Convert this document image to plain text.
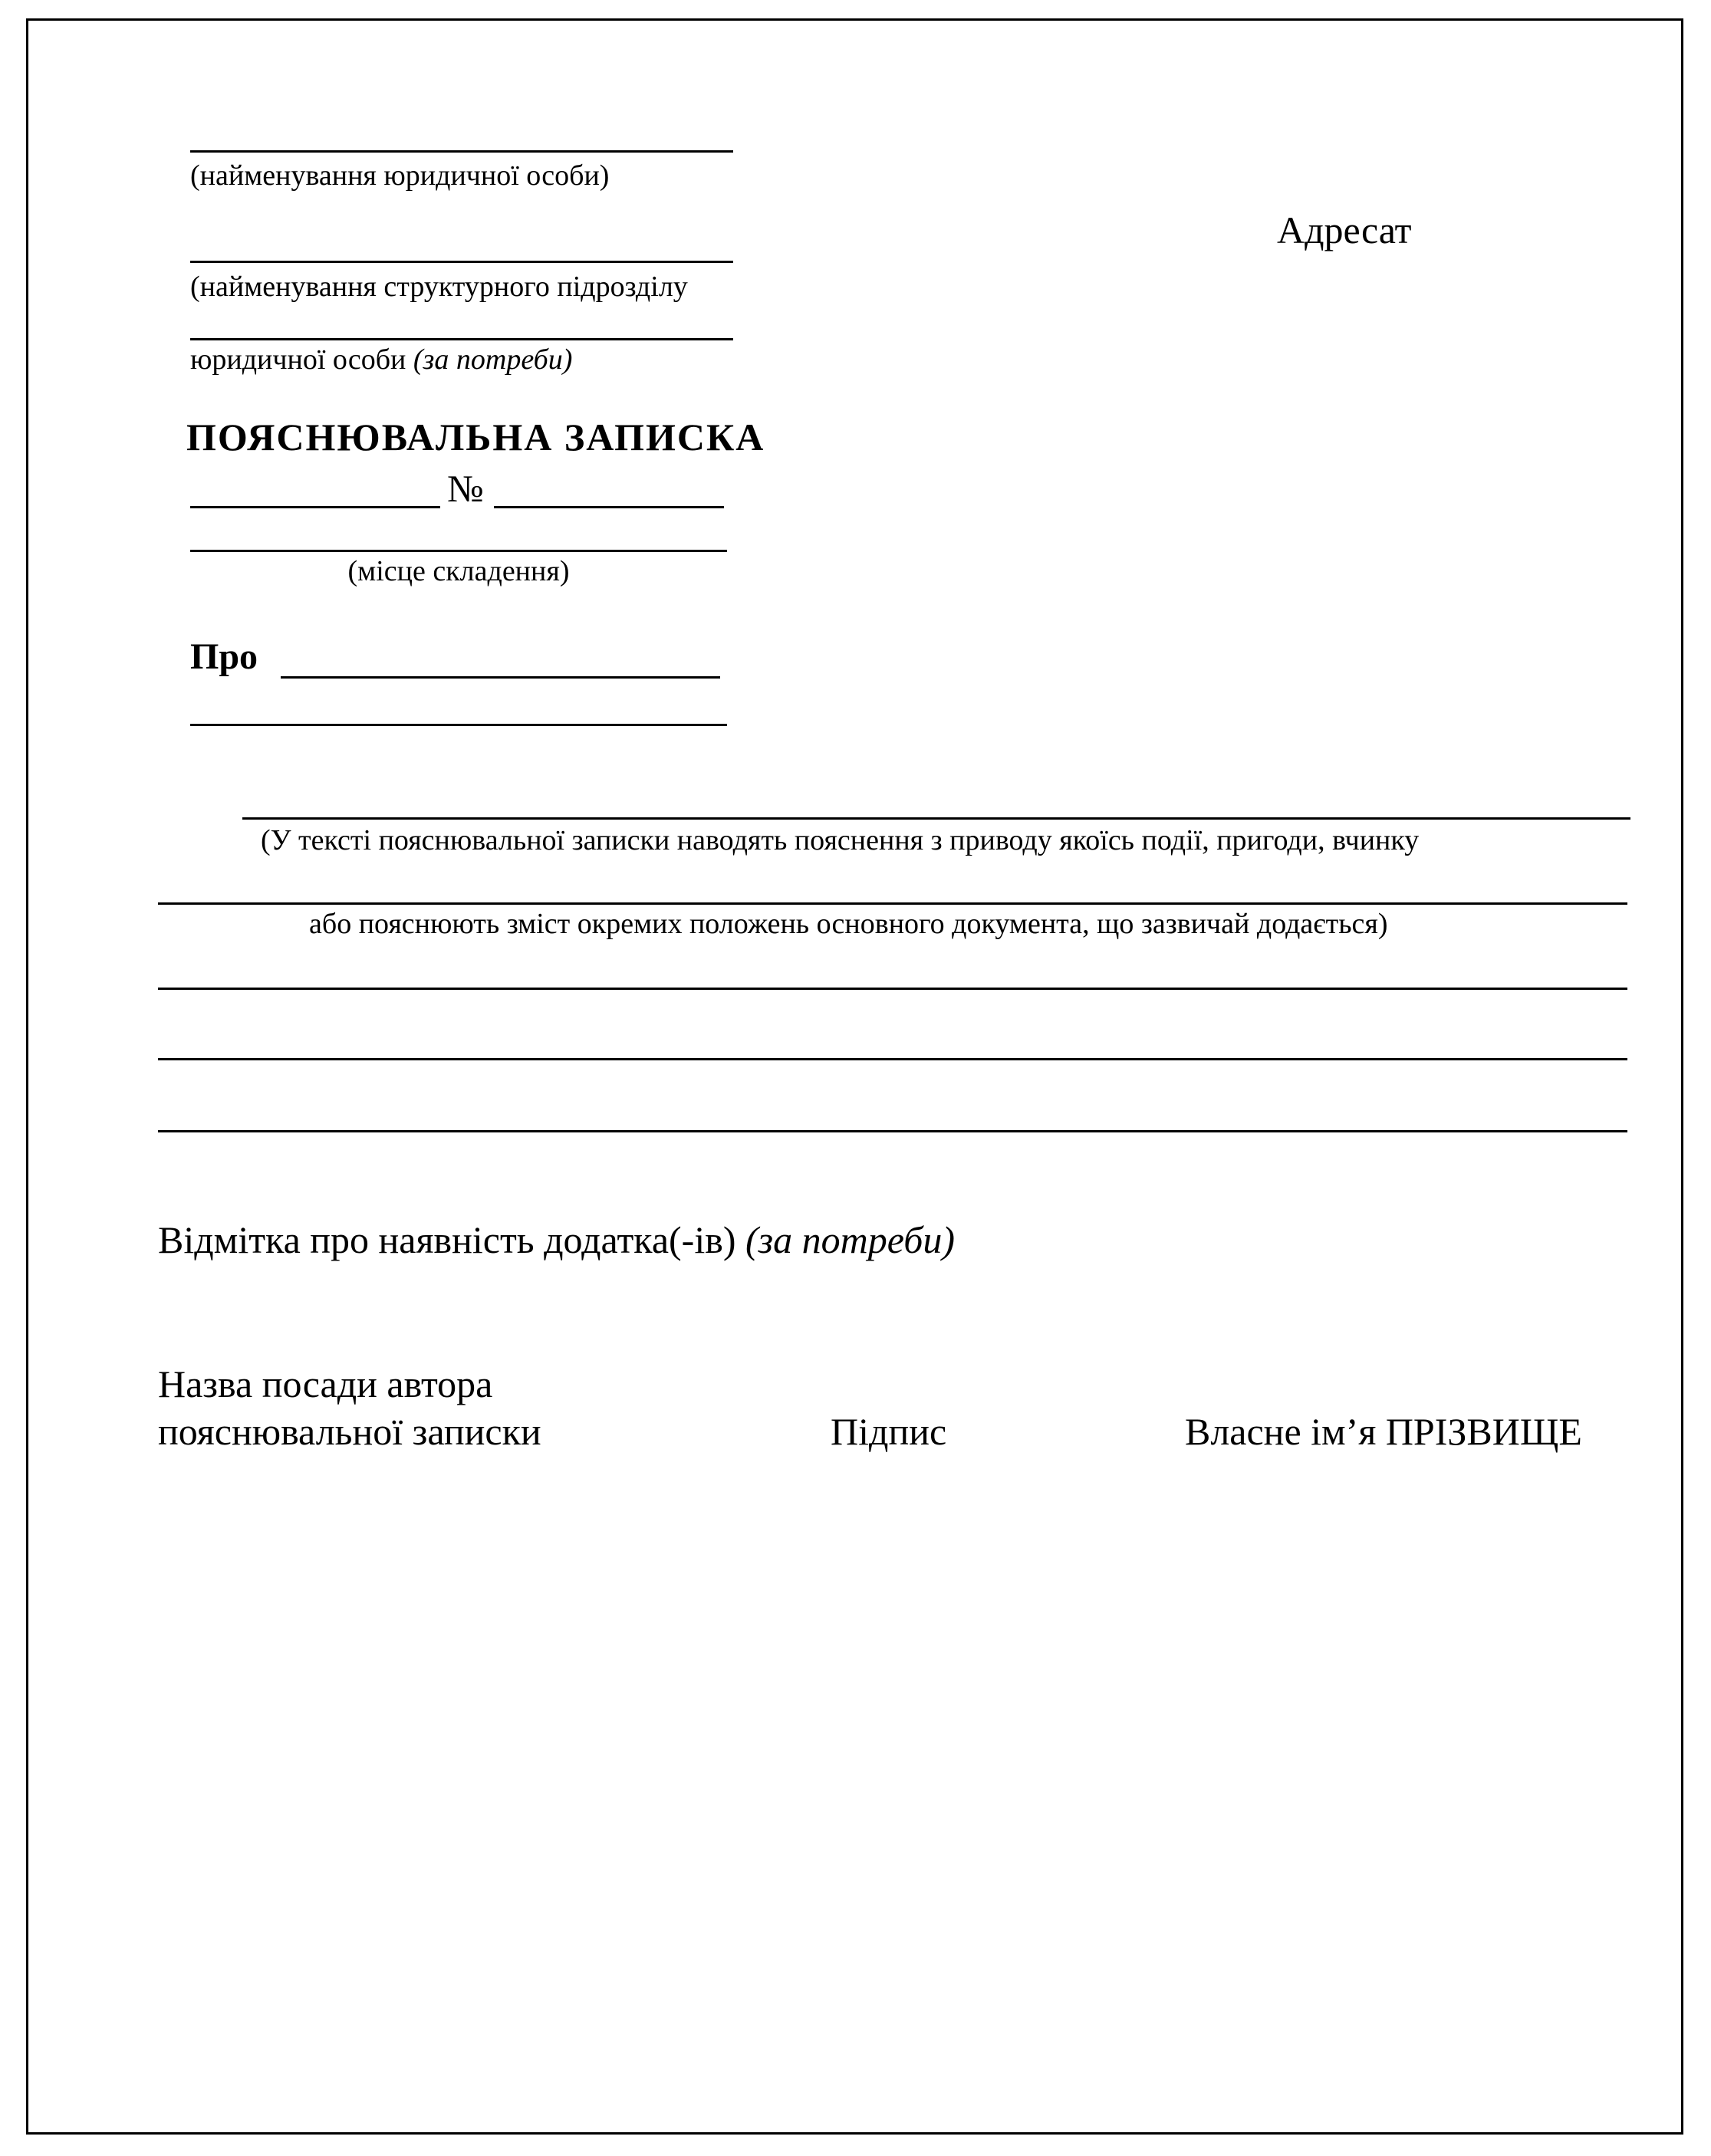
(найменування юридичної особи)
Адресат
(найменування структурного підрозділу
юридичної особи (за потреби)
ПОЯСНЮВАЛЬНА ЗАПИСКА
№
(місце складення)
Про
(У тексті пояснювальної записки наводять пояснення з приводу якоїсь події, пригоди, вчинку
або пояснюють зміст окремих положень основного документа, що зазвичай додається)
Відмітка про наявність додатка(-ів) (за потреби)
Назва посади автора
пояснювальної записки	Підпис	Власне ім’я ПРІЗВИЩЕ
